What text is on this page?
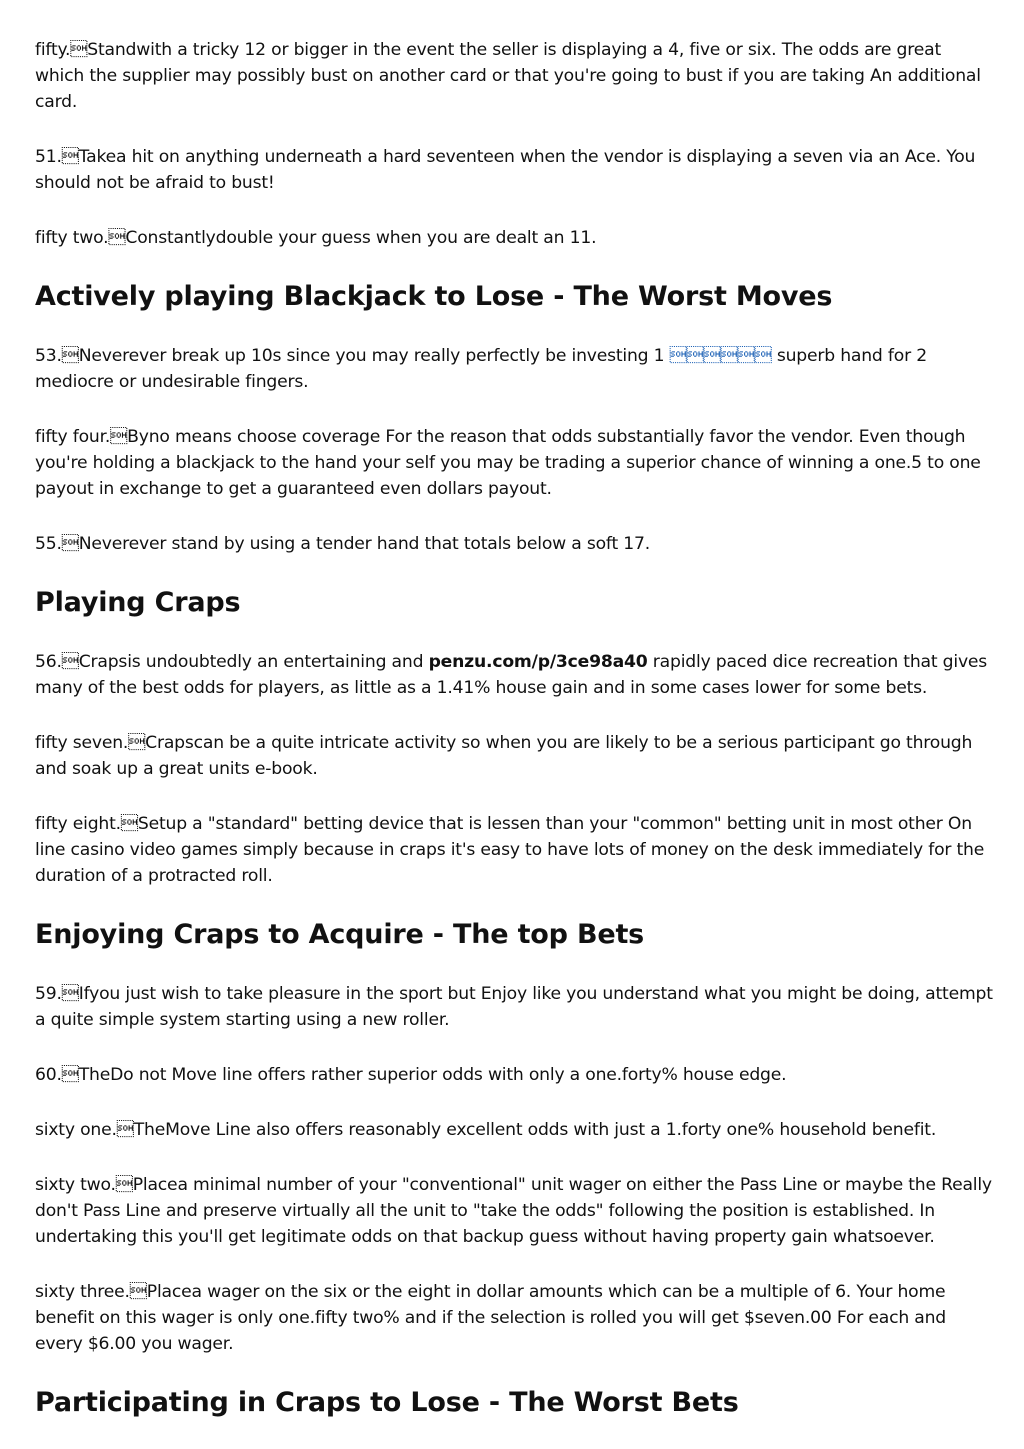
fifty.Standwith a tricky 12 or bigger in the event the seller is displaying a 4, five or six. The odds are great which the supplier may possibly bust on another card or that you're going to bust if you are taking An additional card.

51.Takea hit on anything underneath a hard seventeen when the vendor is displaying a seven via an Ace. You should not be afraid to bust!

fifty two.Constantlydouble your guess when you are dealt an 11.

Actively playing Blackjack to Lose - The Worst Moves

53.Neverever break up 10s since you may really perfectly be investing 1  superb hand for 2 mediocre or undesirable fingers.

fifty four.Byno means choose coverage For the reason that odds substantially favor the vendor. Even though you're holding a blackjack to the hand your self you may be trading a superior chance of winning a one.5 to one payout in exchange to get a guaranteed even dollars payout.

55.Neverever stand by using a tender hand that totals below a soft 17.

Playing Craps

56.Crapsis undoubtedly an entertaining and penzu.com/p/3ce98a40 rapidly paced dice recreation that gives many of the best odds for players, as little as a 1.41% house gain and in some cases lower for some bets.

fifty seven.Crapscan be a quite intricate activity so when you are likely to be a serious participant go through and soak up a great units e-book.

fifty eight.Setup a "standard" betting device that is lessen than your "common" betting unit in most other On line casino video games simply because in craps it's easy to have lots of money on the desk immediately for the duration of a protracted roll.

Enjoying Craps to Acquire - The top Bets

59.Ifyou just wish to take pleasure in the sport but Enjoy like you understand what you might be doing, attempt a quite simple system starting using a new roller.

60.TheDo not Move line offers rather superior odds with only a one.forty% house edge.

sixty one.TheMove Line also offers reasonably excellent odds with just a 1.forty one% household benefit.

sixty two.Placea minimal number of your "conventional" unit wager on either the Pass Line or maybe the Really don't Pass Line and preserve virtually all the unit to "take the odds" following the position is established. In undertaking this you'll get legitimate odds on that backup guess without having property gain whatsoever.

sixty three.Placea wager on the six or the eight in dollar amounts which can be a multiple of 6. Your home benefit on this wager is only one.fifty two% and if the selection is rolled you will get $seven.00 For each and every $6.00 you wager.

Participating in Craps to Lose - The Worst Bets
